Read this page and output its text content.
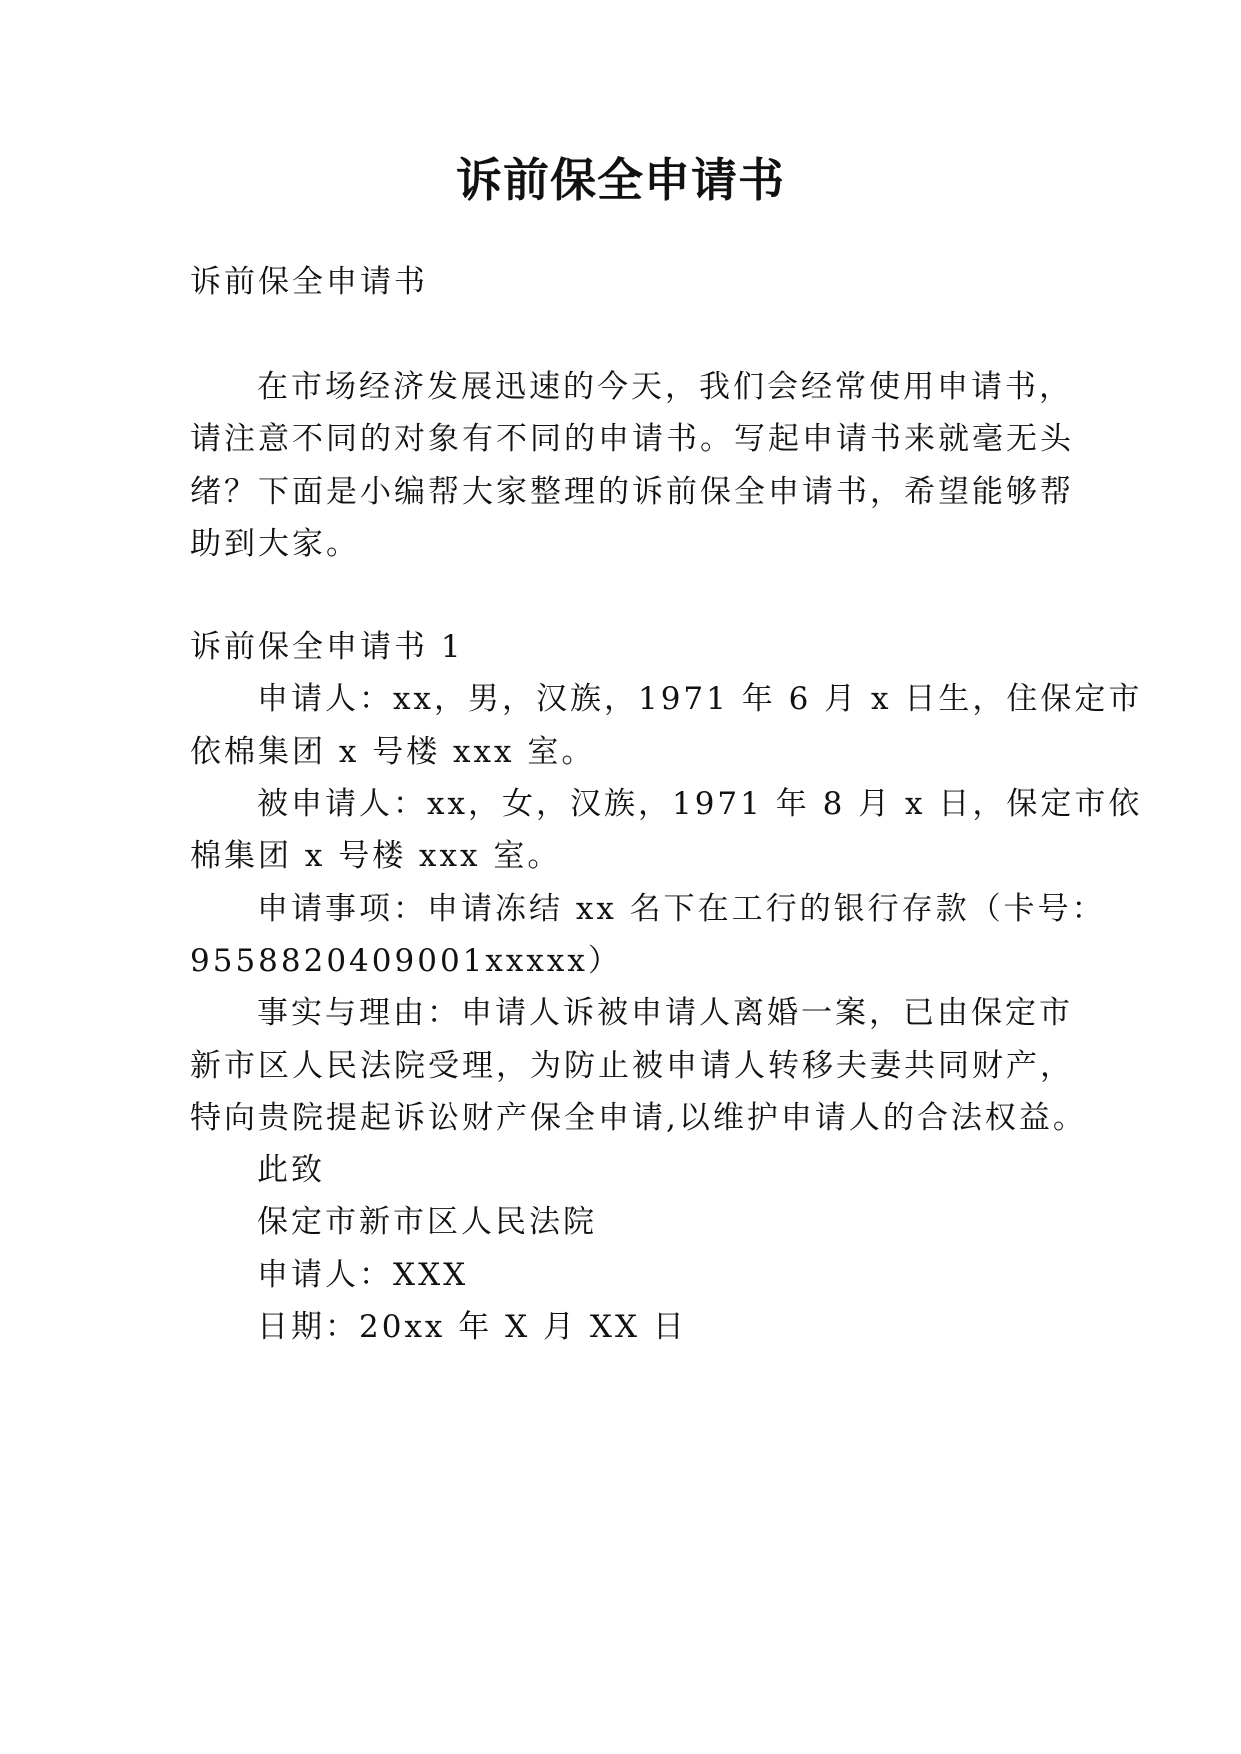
诉前保全申请书
诉前保全申请书
在市场经济发展迅速的今天，我们会经常使用申请书，
请注意不同的对象有不同的申请书。写起申请书来就毫无头
绪？下面是小编帮大家整理的诉前保全申请书，希望能够帮
助到大家。
诉前保全申请书 1
申请人：xx，男，汉族，1971 年 6 月 x 日生，住保定市
依棉集团 x 号楼 xxx 室。
被申请人：xx，女，汉族，1971 年 8 月 x 日，保定市依
棉集团 x 号楼 xxx 室。
申请事项：申请冻结 xx 名下在工行的银行存款（卡号：
9558820409001xxxxx）
事实与理由：申请人诉被申请人离婚一案，已由保定市
新市区人民法院受理，为防止被申请人转移夫妻共同财产，
特向贵院提起诉讼财产保全申请,以维护申请人的合法权益。
此致
保定市新市区人民法院
申请人：XXX
日期：20xx 年 X 月 XX 日
